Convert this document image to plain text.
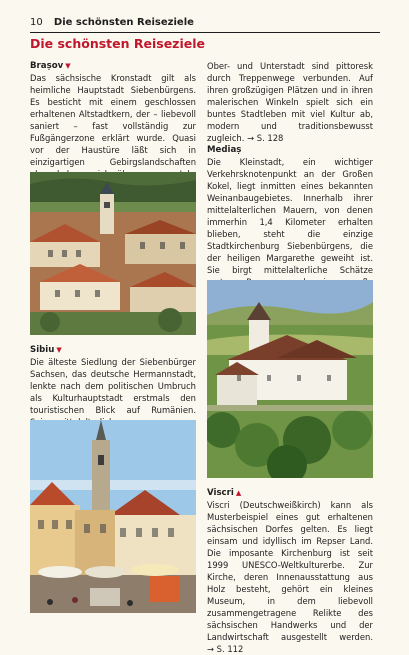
10 Die schönsten Reiseziele
Die schönsten Reiseziele
Brașov ▼

Das sächsische Kronstadt gilt als heimliche Hauptstadt Siebenbürgens. Es besticht mit einem geschlossen erhaltenen Altstadtkern, der – liebevoll saniert – fast vollständig zur Fußgängerzone erklärt wurde. Quasi vor der Haustüre läßt sich in einzigartigen Gebirgslandschaften

Sibiu ▼

Die älteste Siedlung der Siebenbürger Sachsen, das deutsche Hermannstadt, lenkte nach dem politischen Umbruch als Kulturhauptstadt erstmals den touristischen Blick auf Rumänien.

Ober- und Unterstadt sind pittoresk durch Treppenwege verbunden. Auf ihren großzügigen Plätzen und in ihren malerischen Winkeln spielt sich ein buntes Stadtleben mit viel Kultur ab, modern und traditionsbewusst zugleich. → S. 128

Mediaș

Die Kleinstadt, ein wichtiger Verkehrsknotenpunkt an der Großen Kokel, liegt inmitten eines bekannten Weinanbaugebietes. Innerhalb ihrer mittelalterlichen Mauern, von denen immerhin 1,4 Kilometer erhalten blieben, steht die einzige Stadtkirchenburg Siebenbürgens, die der heiligen Margarethe geweiht ist. Sie birgt mittelalterliche Schätze

Viscri ▲

Viscri (Deutschweißkirch) kann als Musterbeispiel eines gut erhaltenen sächsischen Dorfes gelten. Es liegt einsam und idyllisch im Repser Land. Die imposante Kirchenburg ist seit 1999 UNESCO-Weltkulturerbe. Zur Kirche, deren Innenausstattung aus Holz besteht, gehört ein kleines Museum, in dem liebevoll zusammengetragene Relikte des sächsischen Handwerks und der Landwirtschaft ausgestellt werden. → S. 112
